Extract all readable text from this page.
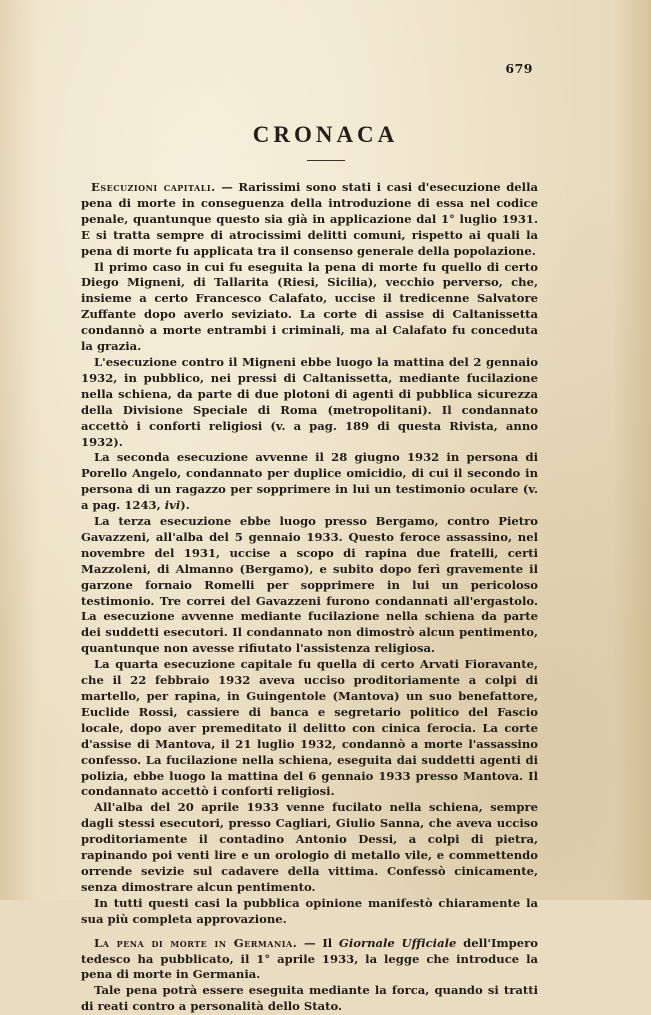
679
CRONACA

Esecuzioni capitali. — Rarissimi sono stati i casi d'esecuzione della pena di morte in conseguenza della introduzione di essa nel codice penale, quantunque questo sia già in applicazione dal 1° luglio 1931. E si tratta sempre di atrocissimi delitti comuni, rispetto ai quali la pena di morte fu applicata tra il consenso generale della popolazione.

Il primo caso in cui fu eseguita la pena di morte fu quello di certo Diego Migneni, di Tallarita (Riesi, Sicilia), vecchio perverso, che, insieme a certo Francesco Calafato, uccise il tredicenne Salvatore Zuffante dopo averlo seviziato. La corte di assise di Caltanissetta condannò a morte entrambi i criminali, ma al Calafato fu conceduta la grazia.

L'esecuzione contro il Migneni ebbe luogo la mattina del 2 gennaio 1932, in pubblico, nei pressi di Caltanissetta, mediante fucilazione nella schiena, da parte di due plotoni di agenti di pubblica sicurezza della Divisione Speciale di Roma (metropolitani). Il condannato accettò i conforti religiosi (v. a pag. 189 di questa Rivista, anno 1932).

La seconda esecuzione avvenne il 28 giugno 1932 in persona di Porello Angelo, condannato per duplice omicidio, di cui il secondo in persona di un ragazzo per sopprimere in lui un testimonio oculare (v. a pag. 1243, ivi).

La terza esecuzione ebbe luogo presso Bergamo, contro Pietro Gavazzeni, all'alba del 5 gennaio 1933. Questo feroce assassino, nel novembre del 1931, uccise a scopo di rapina due fratelli, certi Mazzoleni, di Almanno (Bergamo), e subito dopo ferì gravemente il garzone fornaio Romelli per sopprimere in lui un pericoloso testimonio. Tre correi del Gavazzeni furono condannati all'ergastolo. La esecuzione avvenne mediante fucilazione nella schiena da parte dei suddetti esecutori. Il condannato non dimostrò alcun pentimento, quantunque non avesse rifiutato l'assistenza religiosa.

La quarta esecuzione capitale fu quella di certo Arvati Fioravante, che il 22 febbraio 1932 aveva ucciso proditoriamente a colpi di martello, per rapina, in Guingentole (Mantova) un suo benefattore, Euclide Rossi, cassiere di banca e segretario politico del Fascio locale, dopo aver premeditato il delitto con cinica ferocia. La corte d'assise di Mantova, il 21 luglio 1932, condannò a morte l'assassino confesso. La fucilazione nella schiena, eseguita dai suddetti agenti di polizia, ebbe luogo la mattina del 6 gennaio 1933 presso Mantova. Il condannato accettò i conforti religiosi.

All'alba del 20 aprile 1933 venne fucilato nella schiena, sempre dagli stessi esecutori, presso Cagliari, Giulio Sanna, che aveva ucciso proditoriamente il contadino Antonio Dessi, a colpi di pietra, rapinando poi venti lire e un orologio di metallo vile, e commettendo orrende sevizie sul cadavere della vittima. Confessò cinicamente, senza dimostrare alcun pentimento.

In tutti questi casi la pubblica opinione manifestò chiaramente la sua più completa approvazione.

La pena di morte in Germania. — Il Giornale Ufficiale dell'Impero tedesco ha pubblicato, il 1° aprile 1933, la legge che introduce la pena di morte in Germania.

Tale pena potrà essere eseguita mediante la forca, quando si tratti di reati contro a personalità dello Stato.
